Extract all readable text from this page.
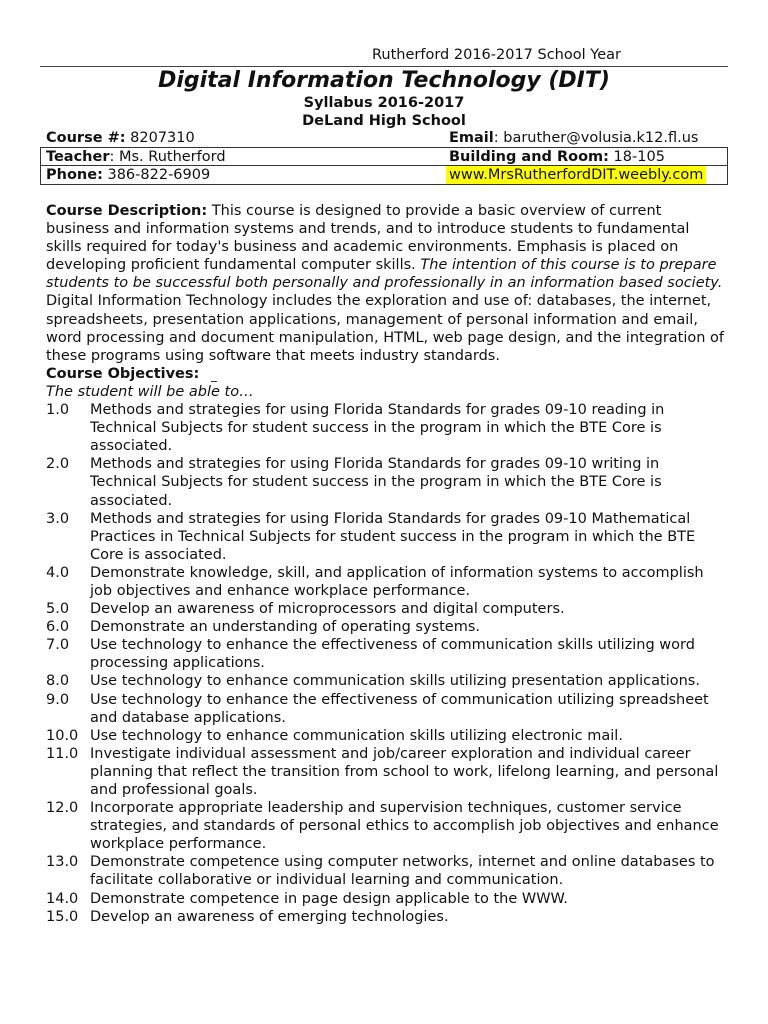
Rutherford 2016-2017 School Year
Digital Information Technology (DIT)
Syllabus 2016-2017
DeLand High School
Course #: 8207310	Email: baruther@volusia.k12.fl.us
Teacher: Ms. Rutherford	Building and Room: 18-105
Phone: 386-822-6909	www.MrsRutherfordDIT.weebly.com

Course Description: This course is designed to provide a basic overview of current business and information systems and trends, and to introduce students to fundamental skills required for today's business and academic environments. Emphasis is placed on developing proficient fundamental computer skills. The intention of this course is to prepare students to be successful both personally and professionally in an information based society. Digital Information Technology includes the exploration and use of: databases, the internet, spreadsheets, presentation applications, management of personal information and email, word processing and document manipulation, HTML, web page design, and the integration of these programs using software that meets industry standards.

Course Objectives:

The student will be able to…

1.0 Methods and strategies for using Florida Standards for grades 09-10 reading in Technical Subjects for student success in the program in which the BTE Core is associated.
2.0 Methods and strategies for using Florida Standards for grades 09-10 writing in Technical Subjects for student success in the program in which the BTE Core is associated.
3.0 Methods and strategies for using Florida Standards for grades 09-10 Mathematical Practices in Technical Subjects for student success in the program in which the BTE Core is associated.
4.0 Demonstrate knowledge, skill, and application of information systems to accomplish job objectives and enhance workplace performance.
5.0 Develop an awareness of microprocessors and digital computers.
6.0 Demonstrate an understanding of operating systems.
7.0 Use technology to enhance the effectiveness of communication skills utilizing word processing applications.
8.0 Use technology to enhance communication skills utilizing presentation applications.
9.0 Use technology to enhance the effectiveness of communication utilizing spreadsheet and database applications.
10.0 Use technology to enhance communication skills utilizing electronic mail.
11.0 Investigate individual assessment and job/career exploration and individual career planning that reflect the transition from school to work, lifelong learning, and personal and professional goals.
12.0 Incorporate appropriate leadership and supervision techniques, customer service strategies, and standards of personal ethics to accomplish job objectives and enhance workplace performance.
13.0 Demonstrate competence using computer networks, internet and online databases to facilitate collaborative or individual learning and communication.
14.0 Demonstrate competence in page design applicable to the WWW.
15.0 Develop an awareness of emerging technologies.
